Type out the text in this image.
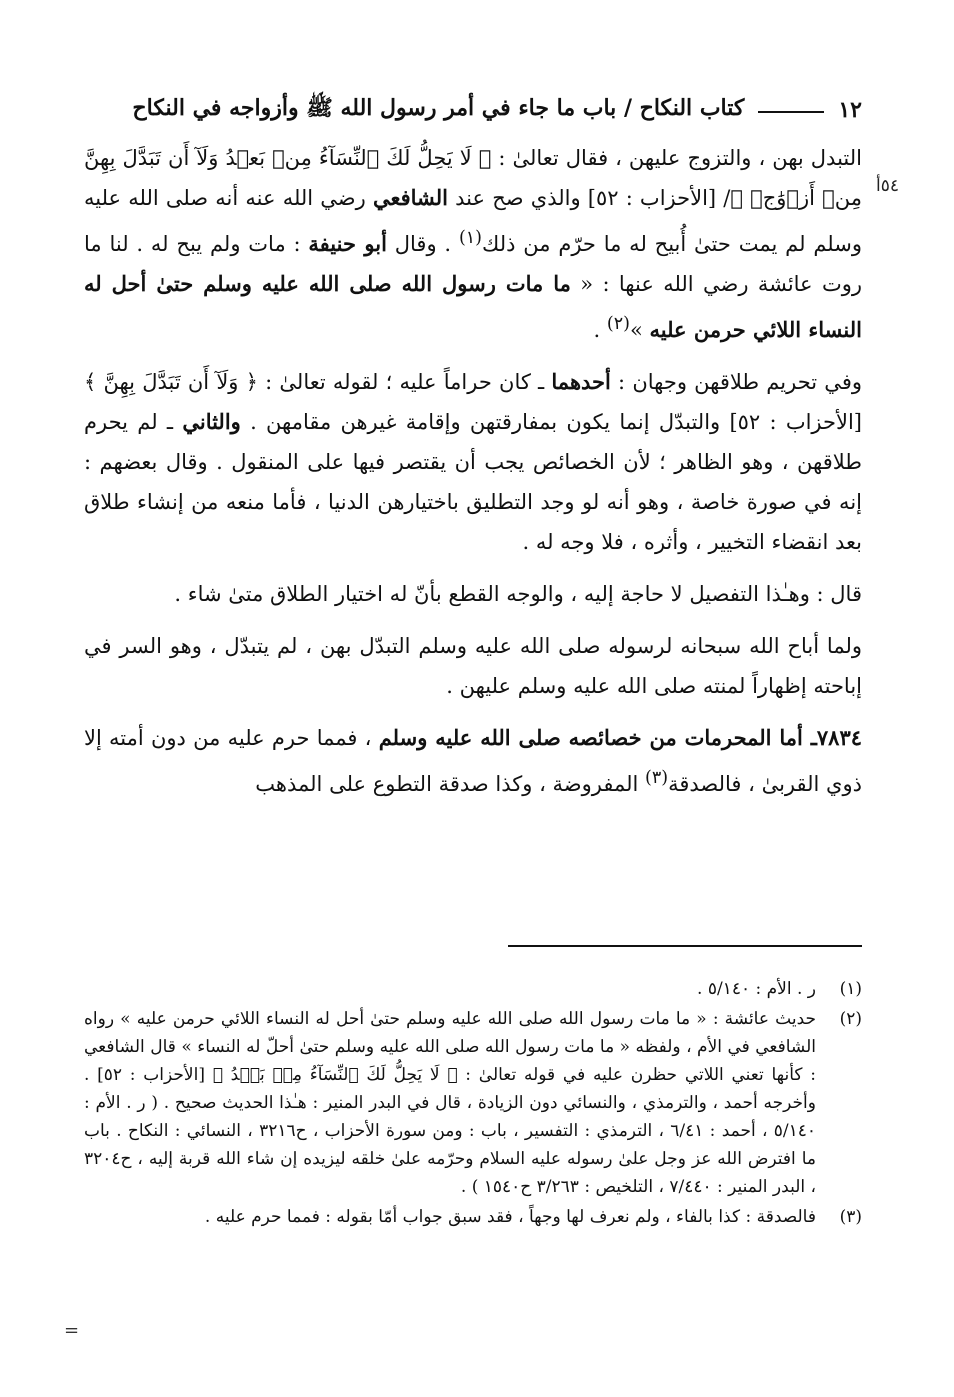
١٢
كتاب النكاح / باب ما جاء في أمر رسول الله ﷺ وأزواجه في النكاح
٥٤أ

التبدل بهن ، والتزوج عليهن ، فقال تعالىٰ : ﴿ لَا يَحِلُّ لَكَ ٱلنِّسَآءُ مِنۢ بَعۡدُ وَلَآ أَن تَبَدَّلَ بِهِنَّ مِنۡ أَزۡوَٰجٖ ﴾/ [الأحزاب : ٥٢] والذي صح عند الشافعي رضي الله عنه أنه صلى الله عليه وسلم لم يمت حتىٰ أُبيح له ما حرّم من ذلك$^{(١)}$ . وقال أبو حنيفة : مات ولم يبح له . لنا ما روت عائشة رضي الله عنها : « ما مات رسول الله صلى الله عليه وسلم حتىٰ أحل له النساء اللائي حرمن عليه »$^{(٢)}$ .

وفي تحريم طلاقهن وجهان : أحدهما ـ كان حراماً عليه ؛ لقوله تعالىٰ : ﴿ وَلَآ أَن تَبَدَّلَ بِهِنَّ ﴾ [الأحزاب : ٥٢] والتبدّل إنما يكون بمفارقتهن وإقامة غيرهن مقامهن . والثاني ـ لم يحرم طلاقهن ، وهو الظاهر ؛ لأن الخصائص يجب أن يقتصر فيها على المنقول . وقال بعضهم : إنه في صورة خاصة ، وهو أنه لو وجد التطليق باختيارهن الدنيا ، فأما منعه من إنشاء طلاق بعد انقضاء التخيير ، وأثره ، فلا وجه له .

قال : وهـٰذا التفصيل لا حاجة إليه ، والوجه القطع بأنّ له اختيار الطلاق متىٰ شاء .

ولما أباح الله سبحانه لرسوله صلى الله عليه وسلم التبدّل بهن ، لم يتبدّل ، وهو السر في إباحته إظهاراً لمنته صلى الله عليه وسلم عليهن .

٧٨٣٤ـ أما المحرمات من خصائصه صلى الله عليه وسلم ، فمما حرم عليه من دون أمته إلا ذوي القربىٰ ، فالصدقة$^{(٣)}$ المفروضة ، وكذا صدقة التطوع على المذهب

(١)
ر . الأم : ٥/١٤٠ .
(٢)
حديث عائشة : « ما مات رسول الله صلى الله عليه وسلم حتىٰ أحل له النساء اللائي حرمن عليه » رواه الشافعي في الأم ، ولفظه « ما مات رسول الله صلى الله عليه وسلم حتىٰ أحلّ له النساء » قال الشافعي : كأنها تعني اللاتي حظرن عليه في قوله تعالىٰ : ﴿ لَا يَحِلُّ لَكَ ٱلنِّسَآءُ مِنۢ بَعۡدُ ﴾ [الأحزاب : ٥٢] . وأخرجه أحمد ، والترمذي ، والنسائي دون الزيادة ، قال في البدر المنير : هـٰذا الحديث صحيح . ( ر . الأم : ٥/١٤٠ ، أحمد : ٦/٤١ ، الترمذي : التفسير ، باب : ومن سورة الأحزاب ، ح٣٢١٦ ، النسائي : النكاح . باب ما افترض الله عز وجل علىٰ رسوله عليه السلام وحرّمه علىٰ خلقه ليزيده إن شاء الله قربة إليه ، ح٣٢٠٤ ، البدر المنير : ٧/٤٤٠ ، التلخيص : ٣/٢٦٣ ح١٥٤٠ ) .
(٣)
فالصدقة : كذا بالفاء ، ولم نعرف لها وجهاً ، فقد سبق جواب أمّا بقوله : فمما حرم عليه .
=
